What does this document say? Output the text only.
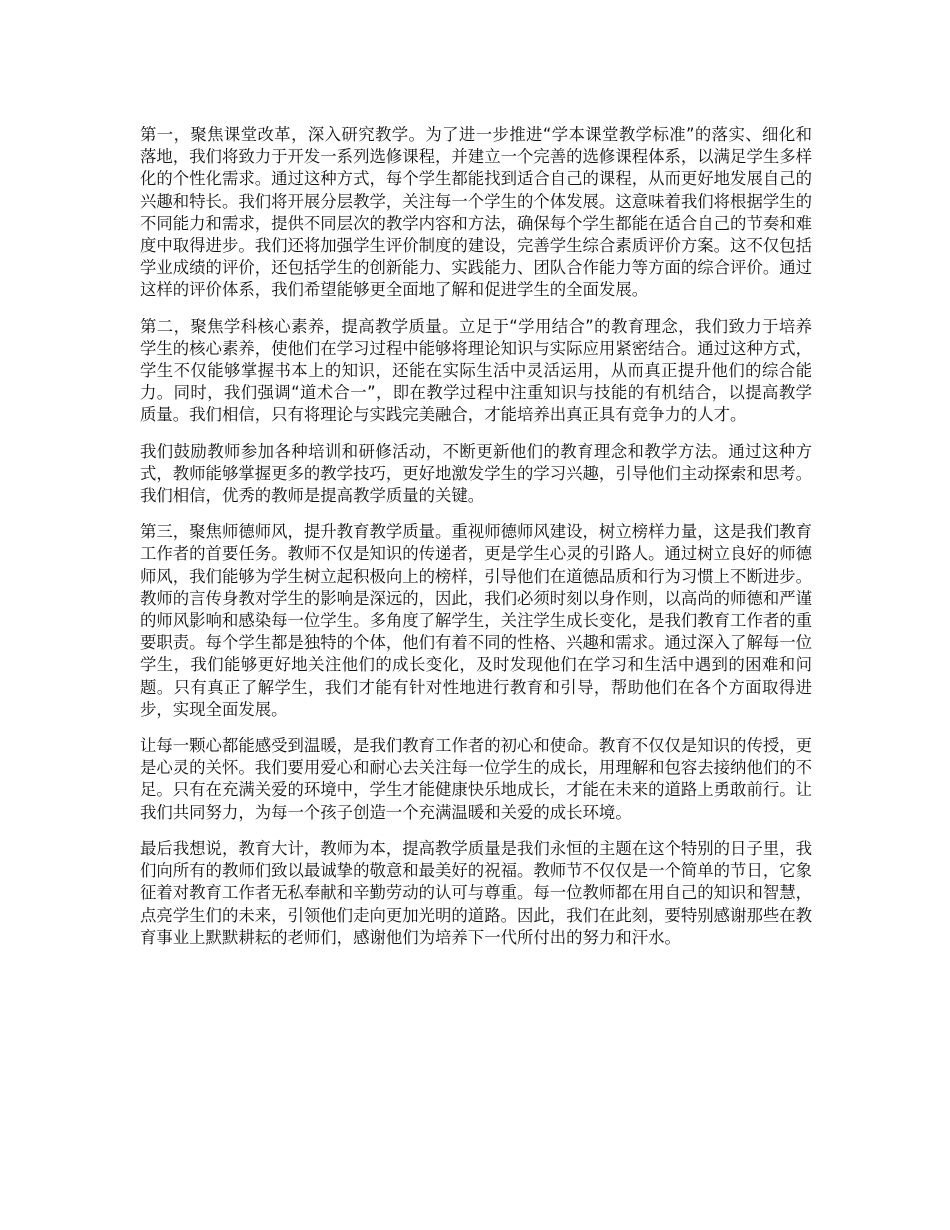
第一，聚焦课堂改革，深入研究教学。为了进一步推进“学本课堂教学标准”的落实、细化和落地，我们将致力于开发一系列选修课程，并建立一个完善的选修课程体系，以满足学生多样化的个性化需求。通过这种方式，每个学生都能找到适合自己的课程，从而更好地发展自己的兴趣和特长。我们将开展分层教学，关注每一个学生的个体发展。这意味着我们将根据学生的不同能力和需求，提供不同层次的教学内容和方法，确保每个学生都能在适合自己的节奏和难度中取得进步。我们还将加强学生评价制度的建设，完善学生综合素质评价方案。这不仅包括学业成绩的评价，还包括学生的创新能力、实践能力、团队合作能力等方面的综合评价。通过这样的评价体系，我们希望能够更全面地了解和促进学生的全面发展。

第二，聚焦学科核心素养，提高教学质量。立足于“学用结合”的教育理念，我们致力于培养学生的核心素养，使他们在学习过程中能够将理论知识与实际应用紧密结合。通过这种方式，学生不仅能够掌握书本上的知识，还能在实际生活中灵活运用，从而真正提升他们的综合能力。同时，我们强调“道术合一”，即在教学过程中注重知识与技能的有机结合，以提高教学质量。我们相信，只有将理论与实践完美融合，才能培养出真正具有竞争力的人才。

我们鼓励教师参加各种培训和研修活动，不断更新他们的教育理念和教学方法。通过这种方式，教师能够掌握更多的教学技巧，更好地激发学生的学习兴趣，引导他们主动探索和思考。我们相信，优秀的教师是提高教学质量的关键。

第三，聚焦师德师风，提升教育教学质量。重视师德师风建设，树立榜样力量，这是我们教育工作者的首要任务。教师不仅是知识的传递者，更是学生心灵的引路人。通过树立良好的师德师风，我们能够为学生树立起积极向上的榜样，引导他们在道德品质和行为习惯上不断进步。教师的言传身教对学生的影响是深远的，因此，我们必须时刻以身作则，以高尚的师德和严谨的师风影响和感染每一位学生。多角度了解学生，关注学生成长变化，是我们教育工作者的重要职责。每个学生都是独特的个体，他们有着不同的性格、兴趣和需求。通过深入了解每一位学生，我们能够更好地关注他们的成长变化，及时发现他们在学习和生活中遇到的困难和问题。只有真正了解学生，我们才能有针对性地进行教育和引导，帮助他们在各个方面取得进步，实现全面发展。

让每一颗心都能感受到温暖，是我们教育工作者的初心和使命。教育不仅仅是知识的传授，更是心灵的关怀。我们要用爱心和耐心去关注每一位学生的成长，用理解和包容去接纳他们的不足。只有在充满关爱的环境中，学生才能健康快乐地成长，才能在未来的道路上勇敢前行。让我们共同努力，为每一个孩子创造一个充满温暖和关爱的成长环境。

最后我想说，教育大计，教师为本，提高教学质量是我们永恒的主题在这个特别的日子里，我们向所有的教师们致以最诚挚的敬意和最美好的祝福。教师节不仅仅是一个简单的节日，它象征着对教育工作者无私奉献和辛勤劳动的认可与尊重。每一位教师都在用自己的知识和智慧，点亮学生们的未来，引领他们走向更加光明的道路。因此，我们在此刻，要特别感谢那些在教育事业上默默耕耘的老师们，感谢他们为培养下一代所付出的努力和汗水。
